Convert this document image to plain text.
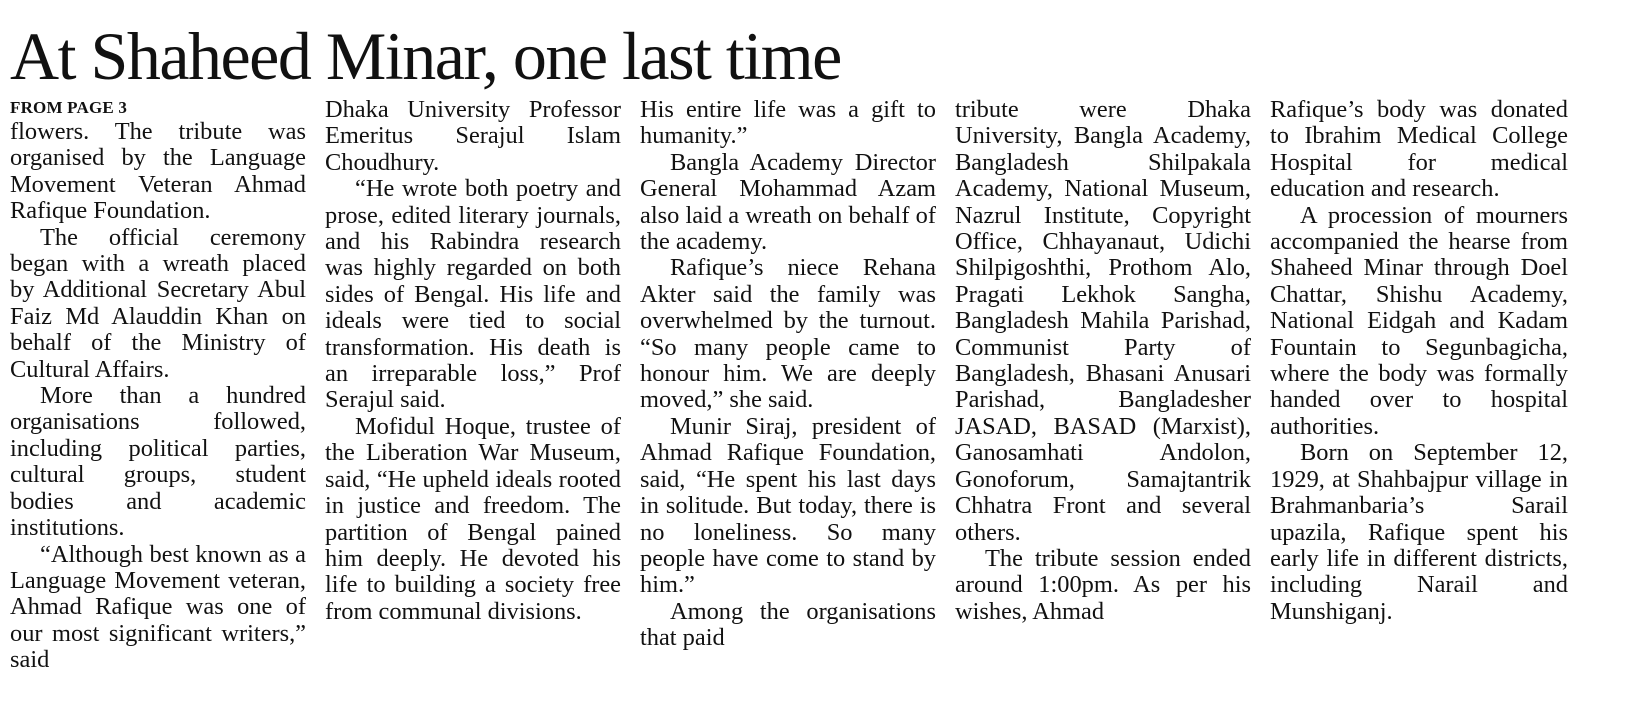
At Shaheed Minar, one last time
FROM PAGE 3

flowers. The tribute was organised by the Language Movement Veteran Ahmad Rafique Foundation.

The official ceremony began with a wreath placed by Additional Secretary Abul Faiz Md Alauddin Khan on behalf of the Ministry of Cultural Affairs.

More than a hundred organisations followed, including political parties, cultural groups, student bodies and academic institutions.

“Although best known as a Language Movement veteran, Ahmad Rafique was one of our most significant writers,” said

Dhaka University Professor Emeritus Serajul Islam Choudhury.

“He wrote both poetry and prose, edited literary journals, and his Rabindra research was highly regarded on both sides of Bengal. His life and ideals were tied to social transformation. His death is an irreparable loss,” Prof Serajul said.

Mofidul Hoque, trustee of the Liberation War Museum, said, “He upheld ideals rooted in justice and freedom. The partition of Bengal pained him deeply. He devoted his life to building a society free from communal divisions.

His entire life was a gift to humanity.”

Bangla Academy Director General Mohammad Azam also laid a wreath on behalf of the academy.

Rafique’s niece Rehana Akter said the family was overwhelmed by the turnout. “So many people came to honour him. We are deeply moved,” she said.

Munir Siraj, president of Ahmad Rafique Foundation, said, “He spent his last days in solitude. But today, there is no loneliness. So many people have come to stand by him.”

Among the organisations that paid

tribute were Dhaka University, Bangla Academy, Bangladesh Shilpakala Academy, National Museum, Nazrul Institute, Copyright Office, Chhayanaut, Udichi Shilpigoshthi, Prothom Alo, Pragati Lekhok Sangha, Bangladesh Mahila Parishad, Communist Party of Bangladesh, Bhasani Anusari Parishad, Bangladesher JASAD, BASAD (Marxist), Ganosamhati Andolon, Gonoforum, Samajtantrik Chhatra Front and several others.

The tribute session ended around 1:00pm. As per his wishes, Ahmad

Rafique’s body was donated to Ibrahim Medical College Hospital for medical education and research.

A procession of mourners accompanied the hearse from Shaheed Minar through Doel Chattar, Shishu Academy, National Eidgah and Kadam Fountain to Segunbagicha, where the body was formally handed over to hospital authorities.

Born on September 12, 1929, at Shahbajpur village in Brahmanbaria’s Sarail upazila, Rafique spent his early life in different districts, including Narail and Munshiganj.
